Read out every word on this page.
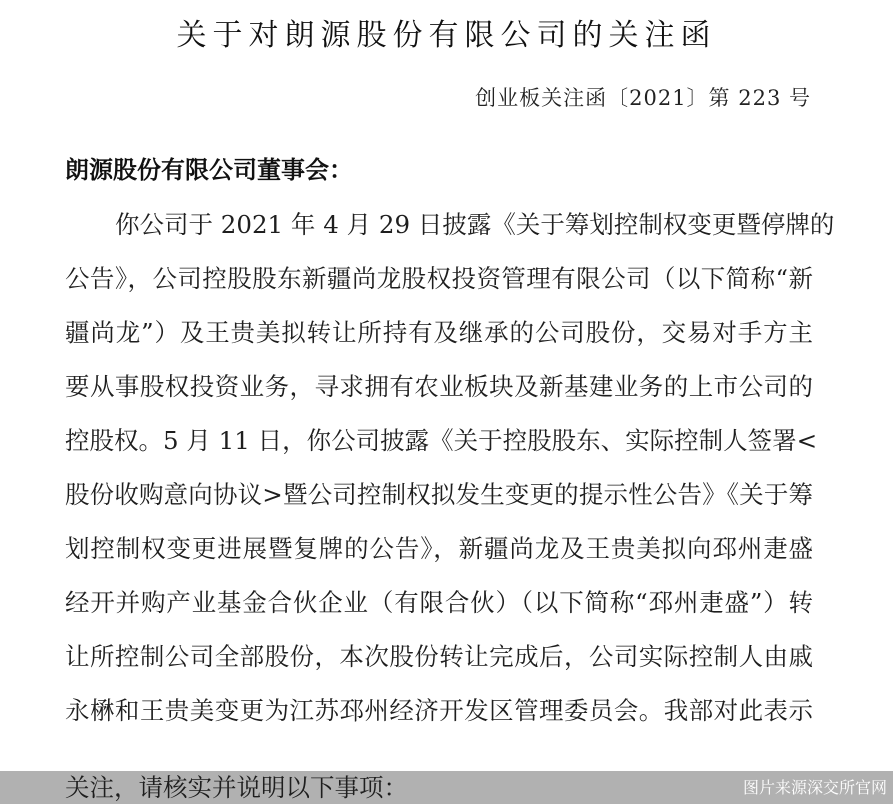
关于对朗源股份有限公司的关注函
创业板关注函〔2021〕第 223 号
朗源股份有限公司董事会：
你公司于 2021 年 4 月 29 日披露《关于筹划控制权变更暨停牌的
公告》，公司控股股东新疆尚龙股权投资管理有限公司（以下简称“新
疆尚龙”）及王贵美拟转让所持有及继承的公司股份，交易对手方主
要从事股权投资业务，寻求拥有农业板块及新基建业务的上市公司的
控股权。5 月 11 日，你公司披露《关于控股股东、实际控制人签署<
股份收购意向协议>暨公司控制权拟发生变更的提示性公告》《关于筹
划控制权变更进展暨复牌的公告》，新疆尚龙及王贵美拟向邳州疌盛
经开并购产业基金合伙企业（有限合伙）（以下简称“邳州疌盛”）转
让所控制公司全部股份，本次股份转让完成后，公司实际控制人由戚
永楙和王贵美变更为江苏邳州经济开发区管理委员会。我部对此表示
关注，请核实并说明以下事项：	图片来源深交所官网
